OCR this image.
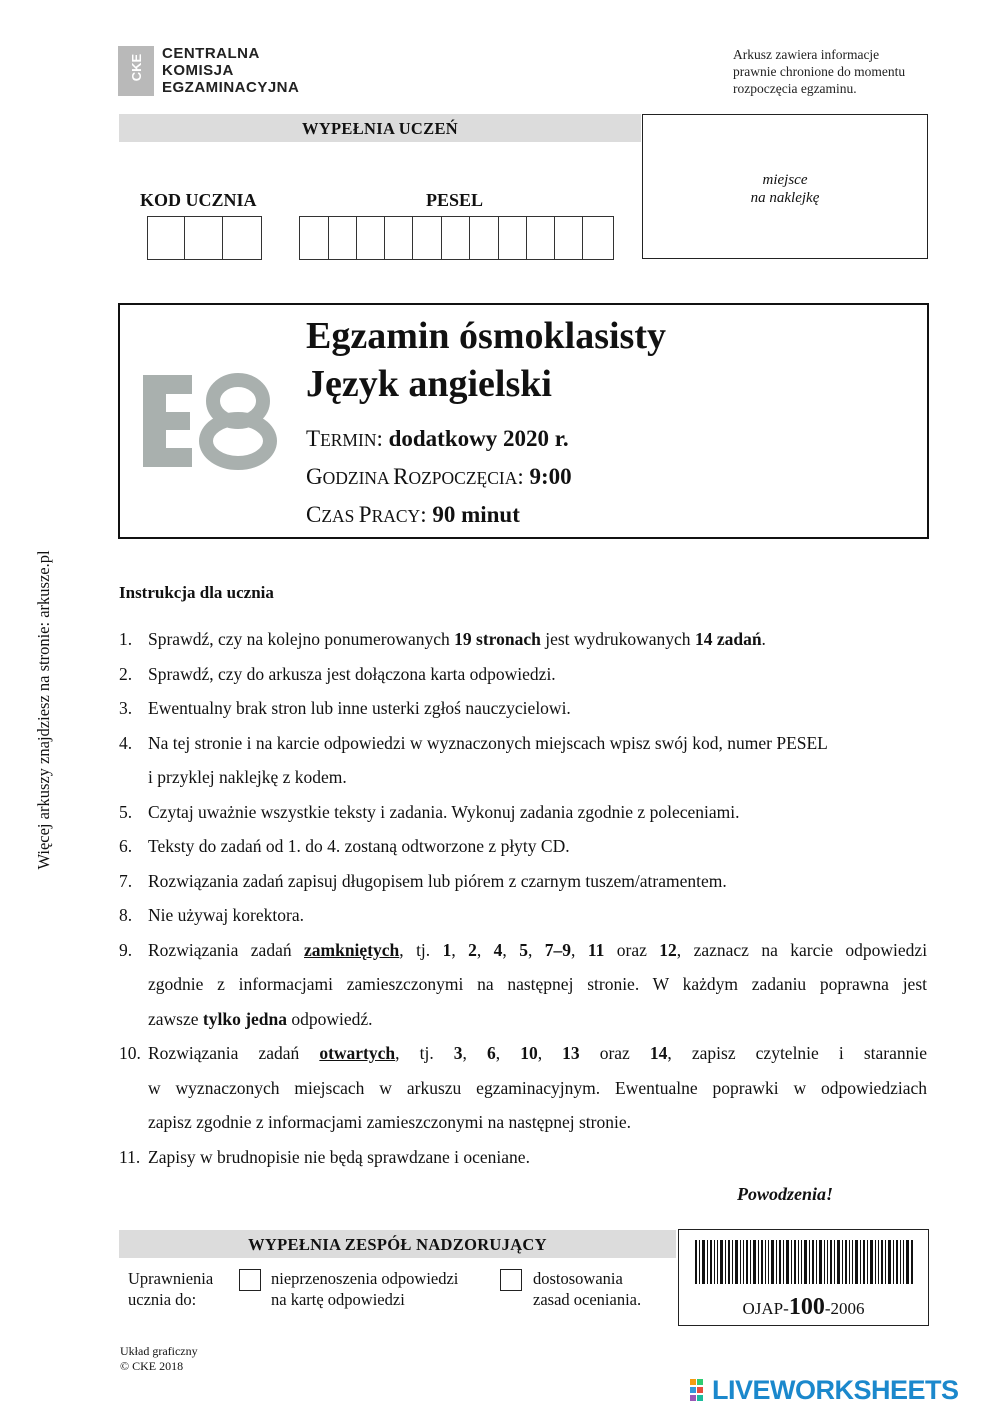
CKE
CENTRALNA
KOMISJA
EGZAMINACYJNA
Arkusz zawiera informacje
prawnie chronione do momentu
rozpoczęcia egzaminu.
WYPEŁNIA UCZEŃ
KOD UCZNIA	PESEL
miejsce
na naklejkę
E8
Egzamin ósmoklasisty
Język angielski
TERMIN: dodatkowy 2020 r.
GODZINA ROZPOCZĘCIA: 9:00
CZAS PRACY: 90 minut
Instrukcja dla ucznia
1. Sprawdź, czy na kolejno ponumerowanych 19 stronach jest wydrukowanych 14 zadań.
2. Sprawdź, czy do arkusza jest dołączona karta odpowiedzi.
3. Ewentualny brak stron lub inne usterki zgłoś nauczycielowi.
4. Na tej stronie i na karcie odpowiedzi w wyznaczonych miejscach wpisz swój kod, numer PESEL
i przyklej naklejkę z kodem.
5. Czytaj uważnie wszystkie teksty i zadania. Wykonuj zadania zgodnie z poleceniami.
6. Teksty do zadań od 1. do 4. zostaną odtworzone z płyty CD.
7. Rozwiązania zadań zapisuj długopisem lub piórem z czarnym tuszem/atramentem.
8. Nie używaj korektora.
9. Rozwiązania zadań zamkniętych, tj. 1, 2, 4, 5, 7–9, 11 oraz 12, zaznacz na karcie odpowiedzi
zgodnie z informacjami zamieszczonymi na następnej stronie. W każdym zadaniu poprawna jest
zawsze tylko jedna odpowiedź.
10. Rozwiązania zadań otwartych, tj. 3, 6, 10, 13 oraz 14, zapisz czytelnie i starannie
w wyznaczonych miejscach w arkuszu egzaminacyjnym. Ewentualne poprawki w odpowiedziach
zapisz zgodnie z informacjami zamieszczonymi na następnej stronie.
11. Zapisy w brudnopisie nie będą sprawdzane i oceniane.
Powodzenia!
WYPEŁNIA ZESPÓŁ NADZORUJĄCY
Uprawnienia
ucznia do:
nieprzenoszenia odpowiedzi
na kartę odpowiedzi
dostosowania
zasad oceniania.	OJAP-100-2006
Układ graficzny
© CKE 2018
Więcej arkuszy znajdziesz na stronie: arkusze.pl
LIVEWORKSHEETS
